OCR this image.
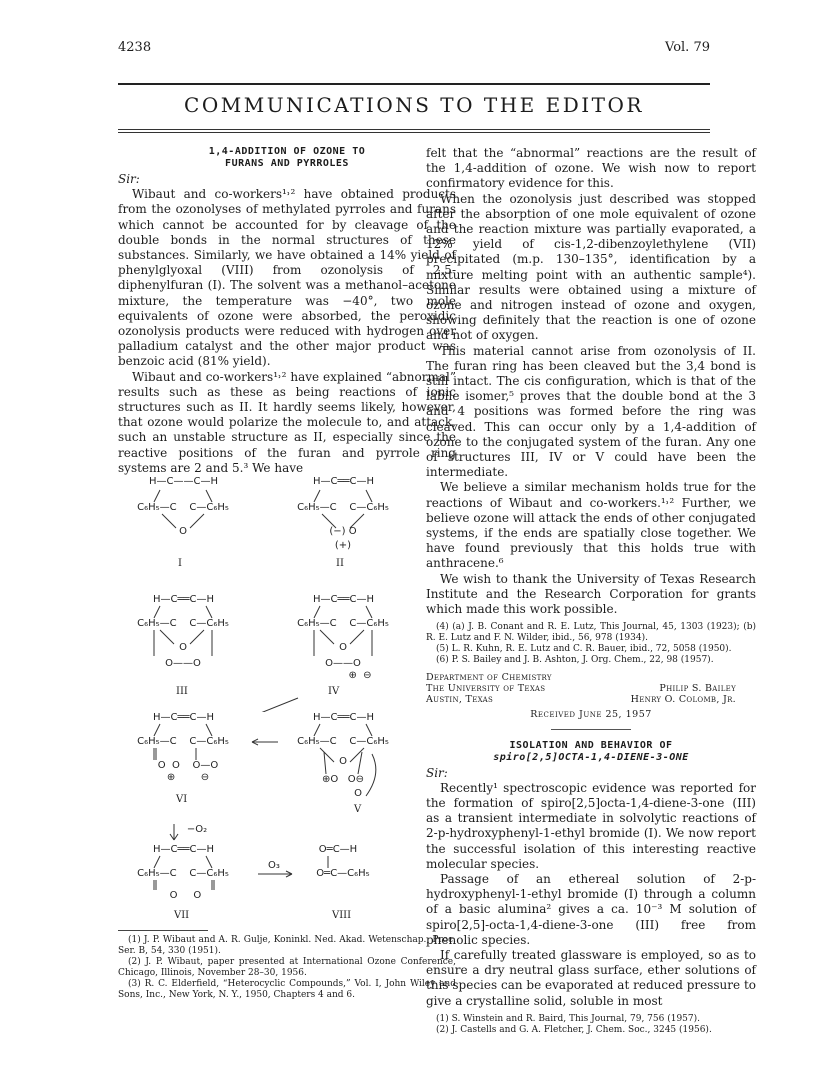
4238	Vol. 79
COMMUNICATIONS TO THE EDITOR
1,4-ADDITION OF OZONE TO
FURANS AND PYRROLES
Sir:

Wibaut and co-workers¹˒² have obtained products from the ozonolyses of methylated pyrroles and furans which cannot be accounted for by cleavage of the double bonds in the normal structures of these substances. Similarly, we have obtained a 14% yield of phenylglyoxal (VIII) from ozonolysis of 2,5-diphenylfuran (I). The solvent was a methanol–acetone mixture, the temperature was −40°, two mole equivalents of ozone were absorbed, the peroxidic ozonolysis products were reduced with hydrogen over palladium catalyst and the other major product was benzoic acid (81% yield).

Wibaut and co-workers¹˒² have explained “abnormal” results such as these as being reactions of ionic structures such as II. It hardly seems likely, however, that ozone would polarize the molecule to, and attack, such an unstable structure as II, especially since the reactive positions of the furan and pyrrole ring systems are 2 and 5.³ We have

H—C——C—H
C₆H₅—C    C—C₆H₅
O
I
H—C══C—H
C₆H₅—C    C—C₆H₅
(−) O
(+)
II
H—C══C—H
C₆H₅—C    C—C₆H₅
O
O——O
III
H—C══C—H
C₆H₅—C    C—C₆H₅
O
O——O
⊕  ⊖
IV
H—C══C—H
C₆H₅—C    C—C₆H₅
O  O    O—O
⊕        ⊖
VI
H—C══C—H
C₆H₅—C    C—C₆H₅
O
⊕O   O⊖
O
V
−O₂
H—C══C—H
C₆H₅—C    C—C₆H₅
O     O
O₃
O═C—H
O═C—C₆H₅
VII	VIII

(1) J. P. Wibaut and A. R. Gulje, Koninkl. Ned. Akad. Wetenschap., Proc. Ser. B, 54, 330 (1951).

(2) J. P. Wibaut, paper presented at International Ozone Conference, Chicago, Illinois, November 28–30, 1956.

(3) R. C. Elderfield, “Heterocyclic Compounds,” Vol. I, John Wiley and Sons, Inc., New York, N. Y., 1950, Chapters 4 and 6.

felt that the “abnormal” reactions are the result of the 1,4-addition of ozone. We wish now to report confirmatory evidence for this.

When the ozonolysis just described was stopped after the absorption of one mole equivalent of ozone and the reaction mixture was partially evaporated, a 12% yield of cis-1,2-dibenzoylethylene (VII) precipitated (m.p. 130–135°, identification by a mixture melting point with an authentic sample⁴). Similar results were obtained using a mixture of ozone and nitrogen instead of ozone and oxygen, showing definitely that the reaction is one of ozone and not of oxygen.

This material cannot arise from ozonolysis of II. The furan ring has been cleaved but the 3,4 bond is still intact. The cis configuration, which is that of the labile isomer,⁵ proves that the double bond at the 3 and 4 positions was formed before the ring was cleaved. This can occur only by a 1,4-addition of ozone to the conjugated system of the furan. Any one of structures III, IV or V could have been the intermediate.

We believe a similar mechanism holds true for the reactions of Wibaut and co-workers.¹˒² Further, we believe ozone will attack the ends of other conjugated systems, if the ends are spatially close together. We have found previously that this holds true with anthracene.⁶

We wish to thank the University of Texas Research Institute and the Research Corporation for grants which made this work possible.

(4) (a) J. B. Conant and R. E. Lutz, This Journal, 45, 1303 (1923); (b) R. E. Lutz and F. N. Wilder, ibid., 56, 978 (1934).

(5) L. R. Kuhn, R. E. Lutz and C. R. Bauer, ibid., 72, 5058 (1950).

(6) P. S. Bailey and J. B. Ashton, J. Org. Chem., 22, 98 (1957).

Department of Chemistry
The University of Texas	Philip S. Bailey
Austin, Texas	Henry O. Colomb, Jr.
Received June 25, 1957
ISOLATION AND BEHAVIOR OF
spiro[2,5]OCTA-1,4-DIENE-3-ONE
Sir:

Recently¹ spectroscopic evidence was reported for the formation of spiro[2,5]octa-1,4-diene-3-one (III) as a transient intermediate in solvolytic reactions of 2-p-hydroxyphenyl-1-ethyl bromide (I). We now report the successful isolation of this interesting reactive molecular species.

Passage of an ethereal solution of 2-p-hydroxyphenyl-1-ethyl bromide (I) through a column of a basic alumina² gives a ca. 10⁻³ M solution of spiro[2,5]-octa-1,4-diene-3-one (III) free from phenolic species.

If carefully treated glassware is employed, so as to ensure a dry neutral glass surface, ether solutions of this species can be evaporated at reduced pressure to give a crystalline solid, soluble in most

(1) S. Winstein and R. Baird, This Journal, 79, 756 (1957).

(2) J. Castells and G. A. Fletcher, J. Chem. Soc., 3245 (1956).
